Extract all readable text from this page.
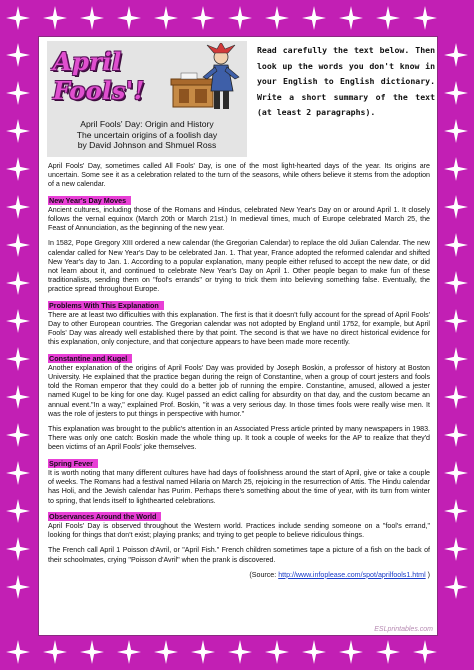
April Fools'!
April Fools' Day: Origin and History
The uncertain origins of a foolish day
by David Johnson and Shmuel Ross
Read carefully the text below. Then look up the words you don't know in your English to English dictionary. Write a short summary of the text (at least 2 paragraphs).

April Fools' Day, sometimes called All Fools' Day, is one of the most light-hearted days of the year. Its origins are uncertain. Some see it as a celebration related to the turn of the seasons, while others believe it stems from the adoption of a new calendar.

New Year's Day Moves

Ancient cultures, including those of the Romans and Hindus, celebrated New Year's Day on or around April 1. It closely follows the vernal equinox (March 20th or March 21st.) In medieval times, much of Europe celebrated March 25, the Feast of Annunciation, as the beginning of the new year.

In 1582, Pope Gregory XIII ordered a new calendar (the Gregorian Calendar) to replace the old Julian Calendar. The new calendar called for New Year's Day to be celebrated Jan. 1. That year, France adopted the reformed calendar and shifted New Year's day to Jan. 1. According to a popular explanation, many people either refused to accept the new date, or did not learn about it, and continued to celebrate New Year's Day on April 1. Other people began to make fun of these traditionalists, sending them on "fool's errands" or trying to trick them into believing something false. Eventually, the practice spread throughout Europe.

Problems With This Explanation

There are at least two difficulties with this explanation. The first is that it doesn't fully account for the spread of April Fools' Day to other European countries. The Gregorian calendar was not adopted by England until 1752, for example, but April Fools' Day was already well established there by that point. The second is that we have no direct historical evidence for this explanation, only conjecture, and that conjecture appears to have been made more recently.

Constantine and Kugel

Another explanation of the origins of April Fools' Day was provided by Joseph Boskin, a professor of history at Boston University. He explained that the practice began during the reign of Constantine, when a group of court jesters and fools told the Roman emperor that they could do a better job of running the empire. Constantine, amused, allowed a jester named Kugel to be king for one day. Kugel passed an edict calling for absurdity on that day, and the custom became an annual event."In a way," explained Prof. Boskin, "it was a very serious day. In those times fools were really wise men. It was the role of jesters to put things in perspective with humor."

This explanation was brought to the public's attention in an Associated Press article printed by many newspapers in 1983. There was only one catch: Boskin made the whole thing up. It took a couple of weeks for the AP to realize that they'd been victims of an April Fools' joke themselves.

Spring Fever

It is worth noting that many different cultures have had days of foolishness around the start of April, give or take a couple of weeks. The Romans had a festival named Hilaria on March 25, rejoicing in the resurrection of Attis. The Hindu calendar has Holi, and the Jewish calendar has Purim. Perhaps there's something about the time of year, with its turn from winter to spring, that lends itself to lighthearted celebrations.

Observances Around the World

April Fools' Day is observed throughout the Western world. Practices include sending someone on a "fool's errand," looking for things that don't exist; playing pranks; and trying to get people to believe ridiculous things.

The French call April 1 Poisson d'Avril, or "April Fish." French children sometimes tape a picture of a fish on the back of their schoolmates, crying "Poisson d'Avril" when the prank is discovered.

(Source: http://www.infoplease.com/spot/aprilfools1.html )
ESLprintables.com
